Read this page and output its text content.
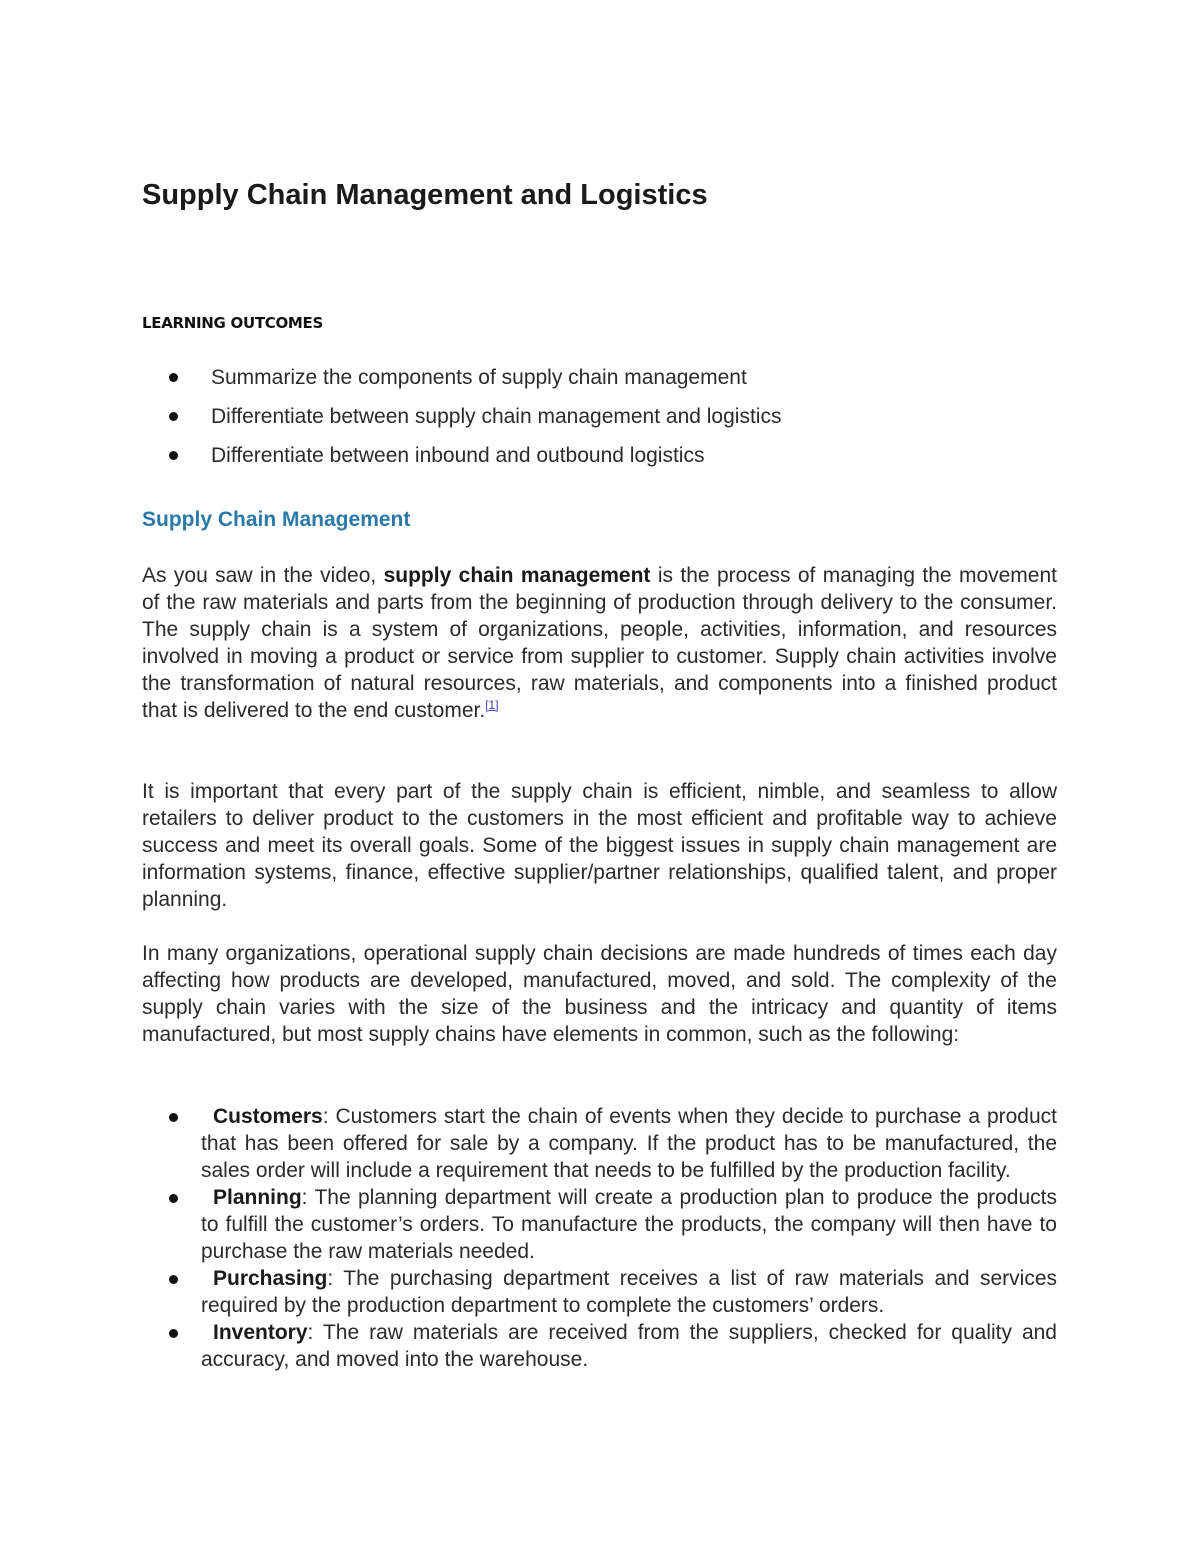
Supply Chain Management and Logistics
LEARNING OUTCOMES
Summarize the components of supply chain management
Differentiate between supply chain management and logistics
Differentiate between inbound and outbound logistics
Supply Chain Management

As you saw in the video, supply chain management is the process of managing the movement of the raw materials and parts from the beginning of production through delivery to the consumer. The supply chain is a system of organizations, people, activities, information, and resources involved in moving a product or service from supplier to customer. Supply chain activities involve the transformation of natural resources, raw materials, and components into a finished product that is delivered to the end customer.[1]

It is important that every part of the supply chain is efficient, nimble, and seamless to allow retailers to deliver product to the customers in the most efficient and profitable way to achieve success and meet its overall goals. Some of the biggest issues in supply chain management are information systems, finance, effective supplier/partner relationships, qualified talent, and proper planning.

In many organizations, operational supply chain decisions are made hundreds of times each day affecting how products are developed, manufactured, moved, and sold. The complexity of the supply chain varies with the size of the business and the intricacy and quantity of items manufactured, but most supply chains have elements in common, such as the following:

Customers: Customers start the chain of events when they decide to purchase a product that has been offered for sale by a company. If the product has to be manufactured, the sales order will include a requirement that needs to be fulfilled by the production facility.
Planning: The planning department will create a production plan to produce the products to fulfill the customer’s orders. To manufacture the products, the company will then have to purchase the raw materials needed.
Purchasing: The purchasing department receives a list of raw materials and services required by the production department to complete the customers’ orders.
Inventory: The raw materials are received from the suppliers, checked for quality and accuracy, and moved into the warehouse.
